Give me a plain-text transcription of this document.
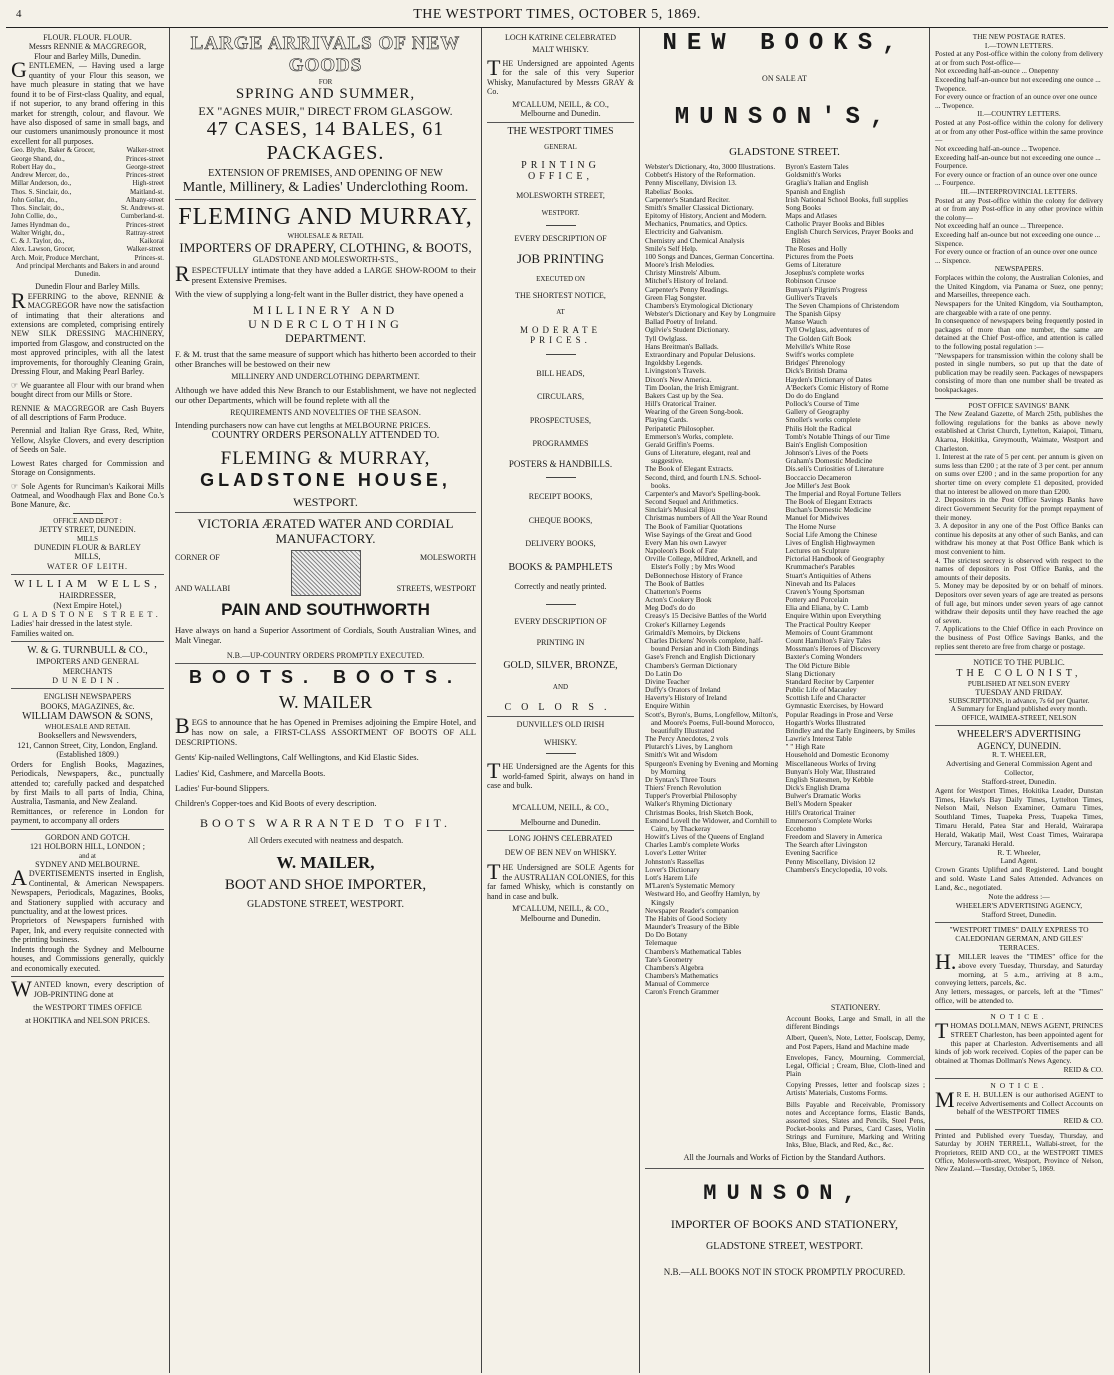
4	THE WESTPORT TIMES, OCTOBER 5, 1869.
FLOUR. FLOUR. FLOUR.
Messrs RENNIE & MACGREGOR,
Flour and Barley Mills, Dunedin.
GENTLEMEN, — Having used a large quantity of your Flour this season, we have much pleasure in stating that we have found it to be of First-class Quality, and equal, if not superior, to any brand offering in this market for strength, colour, and flavour. We have also disposed of same in small bags, and our customers unanimously pronounce it most excellent for all purposes.
Geo. Blythe, Baker & Grocer,	Walker-street
George Shand, do.,	Princes-street
Robert Hay do.,	George-street
Andrew Mercer, do.,	Princes-street
Millar Anderson, do.,	High-street
Thos. S. Sinclair, do.,	Maitland-st.
John Gollar, do.,	Albany-street
Thos. Sinclair, do.,	St. Andrews-st.
John Collie, do.,	Cumberland-st.
James Hyndman do.,	Princes-street
Walter Wright, do.,	Rattray-street
C. & J. Taylor, do.,	Kaikorai
Alex. Lawson, Grocer,	Walker-street
Arch. Moir, Produce Merchant,	Princes-st.
And principal Merchants and Bakers in and around Dunedin.
Dunedin Flour and Barley Mills.
REFERRING to the above, RENNIE & MACGREGOR have now the satisfaction of intimating that their alterations and extensions are completed, comprising entirely NEW SILK DRESSING MACHINERY, imported from Glasgow, and constructed on the most approved principles, with all the latest improvements, for thoroughly Cleaning Grain, Dressing Flour, and Making Pearl Barley.
☞ We guarantee all Flour with our brand when bought direct from our Mills or Store.
RENNIE & MACGREGOR are Cash Buyers of all descriptions of Farm Produce.
Perennial and Italian Rye Grass, Red, White, Yellow, Alsyke Clovers, and every description of Seeds on Sale.
Lowest Rates charged for Commission and Storage on Consignments.
☞ Sole Agents for Runciman's Kaikorai Mills Oatmeal, and Woodhaugh Flax and Bone Co.'s Bone Manure, &c.
OFFICE AND DEPOT :
JETTY STREET, DUNEDIN.
MILLS
DUNEDIN FLOUR & BARLEY
MILLS,
WATER OF LEITH.
WILLIAM WELLS,
HAIRDRESSER,
(Next Empire Hotel,)
GLADSTONE STREET.
Ladies' hair dressed in the latest style.
Families waited on.
W. & G. TURNBULL & CO.,
IMPORTERS AND GENERAL
MERCHANTS
DUNEDIN.
ENGLISH NEWSPAPERS
BOOKS, MAGAZINES, &c.
WILLIAM DAWSON & SONS,
WHOLESALE AND RETAIL
Booksellers and Newsvenders,
121, Cannon Street, City, London, England.
(Established 1809.)
Orders for English Books, Magazines, Periodicals, Newspapers, &c., punctually attended to; carefully packed and despatched by first Mails to all parts of India, China, Australia, Tasmania, and New Zealand.
Remittances, or reference in London for payment, to accompany all orders
GORDON AND GOTCH.
121 HOLBORN HILL, LONDON ;
and at
SYDNEY AND MELBOURNE.
ADVERTISEMENTS inserted in English, Continental, & American Newspapers. Newspapers, Periodicals, Magazines, Books, and Stationery supplied with accuracy and punctuality, and at the lowest prices.
Proprietors of Newspapers furnished with Paper, Ink, and every requisite connected with the printing business.
Indents through the Sydney and Melbourne houses, and Commissions generally, quickly and economically executed.
WANTED known, every description of JOB-PRINTING done at
the WESTPORT TIMES OFFICE
at HOKITIKA and NELSON PRICES.
LARGE ARRIVALS OF NEW GOODS
FOR
SPRING AND SUMMER,
EX "AGNES MUIR," DIRECT FROM GLASGOW.
47 CASES, 14 BALES, 61 PACKAGES.
EXTENSION OF PREMISES, AND OPENING OF NEW
Mantle, Millinery, & Ladies' Underclothing Room.
FLEMING AND MURRAY,
WHOLESALE & RETAIL
IMPORTERS OF DRAPERY, CLOTHING, & BOOTS,
GLADSTONE AND MOLESWORTH-STS.,
RESPECTFULLY intimate that they have added a LARGE SHOW-ROOM to their present Extensive Premises.
With the view of supplying a long-felt want in the Buller district, they have opened a
MILLINERY AND UNDERCLOTHING
DEPARTMENT.
F. & M. trust that the same measure of support which has hitherto been accorded to their other Branches will be bestowed on their new
MILLINERY AND UNDERCLOTHING DEPARTMENT.
Although we have added this New Branch to our Establishment, we have not neglected our other Departments, which will be found replete with all the
REQUIREMENTS AND NOVELTIES OF THE SEASON.
Intending purchasers now can have cut lengths at MELBOURNE PRICES.
COUNTRY ORDERS PERSONALLY ATTENDED TO.
FLEMING & MURRAY,
GLADSTONE HOUSE,
WESTPORT.
VICTORIA ÆRATED WATER AND CORDIAL
MANUFACTORY.
CORNER OF
AND WALLABI
MOLESWORTH
STREETS, WESTPORT
PAIN AND SOUTHWORTH
Have always on hand a Superior Assortment of Cordials, South Australian Wines, and Malt Vinegar.
N.B.—UP-COUNTRY ORDERS PROMPTLY EXECUTED.
BOOTS. BOOTS.
W. MAILER
BEGS to announce that he has Opened in Premises adjoining the Empire Hotel, and has now on sale, a FIRST-CLASS ASSORTMENT OF BOOTS OF ALL DESCRIPTIONS.
Gents' Kip-nailed Wellingtons, Calf Wellingtons, and Kid Elastic Sides.
Ladies' Kid, Cashmere, and Marcella Boots.
Ladies' Fur-bound Slippers.
Children's Copper-toes and Kid Boots of every description.
BOOTS WARRANTED TO FIT.
All Orders executed with neatness and despatch.
W. MAILER,
BOOT AND SHOE IMPORTER,
GLADSTONE STREET, WESTPORT.
LOCH KATRINE CELEBRATED
MALT WHISKY.
THE Undersigned are appointed Agents for the sale of this very Superior Whisky, Manufactured by Messrs GRAY & Co.
M'CALLUM, NEILL, & CO.,
Melbourne and Dunedin.
THE WESTPORT TIMES
GENERAL
PRINTING OFFICE,
MOLESWORTH STREET,
WESTPORT.
EVERY DESCRIPTION OF
JOB PRINTING
EXECUTED ON
THE SHORTEST NOTICE,
AT
MODERATE PRICES.
BILL HEADS,
CIRCULARS,
PROSPECTUSES,
PROGRAMMES
POSTERS & HANDBILLS.
RECEIPT BOOKS,
CHEQUE BOOKS,
DELIVERY BOOKS,
BOOKS & PAMPHLETS
Correctly and neatly printed.
EVERY DESCRIPTION OF
PRINTING IN
GOLD, SILVER, BRONZE,
AND
COLORS.
DUNVILLE'S OLD IRISH
WHISKY.
THE Undersigned are the Agents for this world-famed Spirit, always on hand in case and bulk.
M'CALLUM, NEILL, & CO.,
Melbourne and Dunedin.
LONG JOHN'S CELEBRATED
DEW OF BEN NEV on WHISKY.
THE Undersigned are SOLE Agents for the AUSTRALIAN COLONIES, for this far famed Whisky, which is constantly on hand in case and bulk.
M'CALLUM, NEILL, & CO.,
Melbourne and Dunedin.
NEW BOOKS,
ON SALE AT
MUNSON'S,
GLADSTONE STREET.
Webster's Dictionary, 4to, 3000 Illustrations.
Cobbett's History of the Reformation.
Penny Miscellany, Division 13.
Rabelias' Books.
Carpenter's Standard Reciter.
Smith's Smaller Classical Dictionary.
Epitomy of History, Ancient and Modern.
Mechanics, Pnumatics, and Optics.
Electricity and Galvanism.
Chemistry and Chemical Analysis
Smile's Self Help.
100 Songs and Dances, German Concertina.
Moore's Irish Melodies.
Christy Minstrels' Album.
Mitchel's History of Ireland.
Carpenter's Penny Readings.
Green Flag Songster.
Chambers's Etymological Dictionary
Webster's Dictionary and Key by Longmuire
Ballad Poetry of Ireland.
Ogilvie's Student Dictionary.
Tyll Owlglass.
Hans Breitman's Ballads.
Extraordinary and Popular Delusions.
Ingoldsby Legends.
Livingston's Travels.
Dixon's New America.
Tim Doolan, the Irish Emigrant.
Bakers Cast up by the Sea.
Hill's Oratorical Trainer.
Wearing of the Green Song-book.
Playing Cards.
Peripatetic Philosopher.
Emmerson's Works, complete.
Gerald Griffin's Poems.
Guns of Literature, elegant, real and suggestive.
The Book of Elegant Extracts.
Second, third, and fourth I.N.S. School-books.
Carpenter's and Mavor's Spelling-book.
Second Sequel and Arithmetics.
Sinclair's Musical Bijou
Christmas numbers of All the Year Round
The Book of Familiar Quotations
Wise Sayings of the Great and Good
Every Man his own Lawyer
Napoleon's Book of Fate
Orville College, Mildred, Arknell, and Elster's Folly ; by Mrs Wood
DeBonnechose History of France
The Book of Battles
Chatterton's Poems
Acton's Cookery Book
Meg Dod's do do
Creasy's 15 Decisive Battles of the World
Croker's Killarney Legends
Grimaldi's Memoirs, by Dickens
Charles Dickens' Novels complete, half-bound Persian and in Cloth Bindings
Gase's French and English Dictionary
Chambers's German Dictionary
Do Latin Do
Divine Teacher
Duffy's Orators of Ireland
Haverty's History of Ireland
Enquire Within
Scott's, Byron's, Burns, Longfellow, Milton's, and Moore's Poems, Full-bound Morocco, beautifully Illustrated
The Percy Anecdotes, 2 vols
Plutarch's Lives, by Langhorn
Smith's Wit and Wisdom
Spurgeon's Evening by Evening and Morning by Morning
Dr Syntax's Three Tours
Thiers' French Revolution
Tupper's Proverbial Philosophy
Walker's Rhyming Dictionary
Christmas Books, Irish Sketch Book,
Esmond Lovell the Widower, and Cornhill to Cairo, by Thackeray
Howitt's Lives of the Queens of England
Charles Lamb's complete Works
Lover's Letter Writer
Johnston's Rassellas
Lover's Dictionary
Lott's Harem Life
M'Laren's Systematic Memory
Westward Ho, and Geoffry Hamlyn, by Kingsly
Newspaper Reader's companion
The Habits of Good Society
Maunder's Treasury of the Bible
Do Do Botany
Telemaque
Chambers's Mathematical Tables
Tate's Geometry
Chambers's Algebra
Chambers's Mathematics
Manual of Commerce
Caron's French Grammer
Byron's Eastern Tales
Goldsmith's Works
Graglia's Italian and English
Spanish and English
Irish National School Books, full supplies
Song Books
Maps and Atlases
Catholic Prayer Books and Bibles
English Church Services, Prayer Books and Bibles
The Roses and Holly
Pictures from the Poets
Gems of Literature
Josephus's complete works
Robinson Crusoe
Bunyan's Pilgrim's Progress
Gulliver's Travels
The Seven Champions of Christendom
The Spanish Gipsy
Manse Wauch
Tyll Owlglass, adventures of
The Golden Gift Book
Melville's White Rose
Swift's works complete
Bridges' Phrenology
Dick's British Drama
Hayden's Dictionary of Dates
A'Becket's Comic History of Rome
Do do do England
Pollock's Course of Time
Gallery of Geography
Smollet's works complete
Philis Holt the Radical
Tomb's Notable Things of our Time
Bain's English Composition
Johnson's Lives of the Poets
Graham's Domestic Medicine
Dis.seli's Curiosities of Literature
Boccaccio Decameron
Joe Miller's Jest Book
The Imperial and Royal Fortune Tellers
The Book of Elegant Extracts
Buchan's Domestic Medicine
Manuel for Midwives
The Home Nurse
Social Life Among the Chinese
Lives of English Highwaymen
Lectures on Sculpture
Pictorial Handbook of Geography
Krummacher's Parables
Stuart's Antiquities of Athens
Ninevah and Its Palaces
Craven's Young Sportsman
Pottery and Porcelain
Elia and Eliana, by C. Lamb
Enquire Within upon Everything
The Practical Poultry Keeper
Memoirs of Count Grammont
Count Hamilton's Fairy Tales
Mossman's Heroes of Discovery
Baxter's Coming Wonders
The Old Picture Bible
Slang Dictionary
Standard Reciter by Carpenter
Public Life of Macauley
Scottish Life and Character
Gymnastic Exercises, by Howard
Popular Readings in Prose and Verse
Hogarth's Works Illustrated
Brindley and the Early Engineers, by Smiles
Lawrie's Interest Table
" " High Rate
Household and Domestic Economy
Miscellaneous Works of Irving
Bunyan's Holy War, Illustrated
English Statesmen, by Kebble
Dick's English Drama
Bulwer's Dramatic Works
Bell's Modern Speaker
Hill's Oratorical Trainer
Emmerson's Complete Works
Eccehomo
Freedom and Slavery in America
The Search after Livingston
Evening Sacrifice
Penny Miscellany, Division 12
Chambers's Encyclopedia, 10 vols.
STATIONERY.
Account Books, Large and Small, in all the different Bindings
Albert, Queen's, Note, Letter, Foolscap, Demy, and Post Papers, Hand and Machine made
Envelopes, Fancy, Mourning, Commercial, Legal, Official ; Cream, Blue, Cloth-lined and Plain
Copying Presses, letter and foolscap sizes ; Artists' Materials, Customs Forms.
Bills Payable and Receivable, Promissory notes and Acceptance forms, Elastic Bands, assorted sizes, Slates and Pencils, Steel Pens, Pocket-books and Purses, Card Cases, Violin Strings and Furniture, Marking and Writing Inks, Blue, Black, and Red, &c., &c.
All the Journals and Works of Fiction by the Standard Authors.
MUNSON,
IMPORTER OF BOOKS AND STATIONERY,
GLADSTONE STREET, WESTPORT.
N.B.—ALL BOOKS NOT IN STOCK PROMPTLY PROCURED.
THE NEW POSTAGE RATES.
I.—TOWN LETTERS.
Posted at any Post-office within the colony from delivery at or from such Post-office—
Not exceeding half-an-ounce ... Onepenny
Exceeding half-an-ounce but not exceeding one ounce ... Twopence.
For every ounce or fraction of an ounce over one ounce ... Twopence.
II.—COUNTRY LETTERS.
Posted at any Post-office within the colony for delivery at or from any other Post-office within the same province—
Not exceeding half-an-ounce ... Twopence.
Exceeding half-an-ounce but not exceeding one ounce ... Fourpence.
For every ounce or fraction of an ounce over one ounce ... Fourpence.
III.—INTERPROVINCIAL LETTERS.
Posted at any Post-office within the colony for delivery at or from any Post-office in any other province within the colony—
Not exceeding half an ounce ... Threepence.
Exceeding half an-ounce but not exceeding one ounce ... Sixpence.
For every ounce or fraction of an ounce over one ounce ... Sixpence.
NEWSPAPERS.
Forplaces within the colony, the Australian Colonies, and the United Kingdom, via Panama or Suez, one penny; and Marseilles, threepence each.
Newspapers for the United Kingdom, via Southampton, are chargeable with a rate of one penny.
In consequence of newspapers being frequently posted in packages of more than one number, the same are detained at the Chief Post-office, and attention is called to the following postal regulation :—
"Newspapers for transmission within the colony shall be posted in single numbers, so put up that the date of publication may be readily seen. Packages of newspapers consisting of more than one number shall be treated as bookpackages.
POST OFFICE SAVINGS' BANK
The New Zealand Gazette, of March 25th, publishes the following regulations for the banks as above newly established at Christ Church, Lyttelton, Kaiapoi, Timaru, Akaroa, Hokitika, Greymouth, Waimate, Westport and Charleston.
1. Interest at the rate of 5 per cent. per annum is given on sums less than £200 ; at the rate of 3 per cent. per annum on sums over £200 ; and in the same proportion for any shorter time on every complete £1 deposited, provided that no interest be allowed on more than £200.
2. Depositors in the Post Office Savings Banks have direct Government Security for the prompt repayment of their money.
3. A depositor in any one of the Post Office Banks can continue his deposits at any other of such Banks, and can withdraw his money at that Post Office Bank which is most convenient to him.
4. The strictest secrecy is observed with respect to the names of depositors in Post Office Banks, and the amounts of their deposits.
5. Money may be deposited by or on behalf of minors. Depositors over seven years of age are treated as persons of full age, but minors under seven years of age cannot withdraw their deposits until they have reached the age of seven.
7. Applications to the Chief Office in each Province on the business of Post Office Savings Banks, and the replies sent thereto are free from charge or postage.
NOTICE TO THE PUBLIC.
THE COLONIST,
PUBLISHED AT NELSON EVERY
TUESDAY AND FRIDAY.
SUBSCRIPTIONS, in advance, 7s 6d per Quarter.
A Summary for England published every month.
OFFICE, WAIMEA-STREET, NELSON
WHEELER'S ADVERTISING
AGENCY, DUNEDIN.
R. T. WHEELER,
Advertising and General Commission Agent and Collector,
Stafford-street, Dunedin.
Agent for Westport Times, Hokitika Leader, Dunstan Times, Hawke's Bay Daily Times, Lyttelton Times, Nelson Mail, Nelson Examiner, Oamaru Times, Southland Times, Tuapeka Press, Tuapeka Times, Timaru Herald, Patea Star and Herald, Wairarapa Herald, Wakatip Mail, West Coast Times, Wairarapa Mercury, Taranaki Herald.
R. T. Wheeler,
Land Agent.
Crown Grants Uplifted and Registered. Land bought and sold. Waste Land Sales Attended. Advances on Land, &c., negotiated.
Note the address :—
WHEELER'S ADVERTISING AGENCY,
Stafford Street, Dunedin.
"WESTPORT TIMES" DAILY EXPRESS TO CALEDONIAN GERMAN, AND GILES' TERRACES.
H.MILLER leaves the "TIMES" office for the above every Tuesday, Thursday, and Saturday morning, at 5 a.m., arriving at 8 a.m., conveying letters, parcels, &c.
Any letters, messages, or parcels, left at the "Times" office, will be attended to.
NOTICE.
THOMAS DOLLMAN, NEWS AGENT, PRINCES STREET Charleston, has been appointed agent for this paper at Charleston. Advertisements and all kinds of job work received. Copies of the paper can be obtained at Thomas Dollman's News Agency.
REID & CO.
NOTICE.
MR E. H. BULLEN is our authorised AGENT to receive Advertisements and Collect Accounts on behalf of the WESTPORT TIMES
REID & CO.
Printed and Published every Tuesday, Thursday, and Saturday by JOHN TERRELL, Wallabi-street, for the Proprietors, REID AND CO., at the WESTPORT TIMES Office, Molesworth-street, Westport, Province of Nelson, New Zealand.—Tuesday, October 5, 1869.
